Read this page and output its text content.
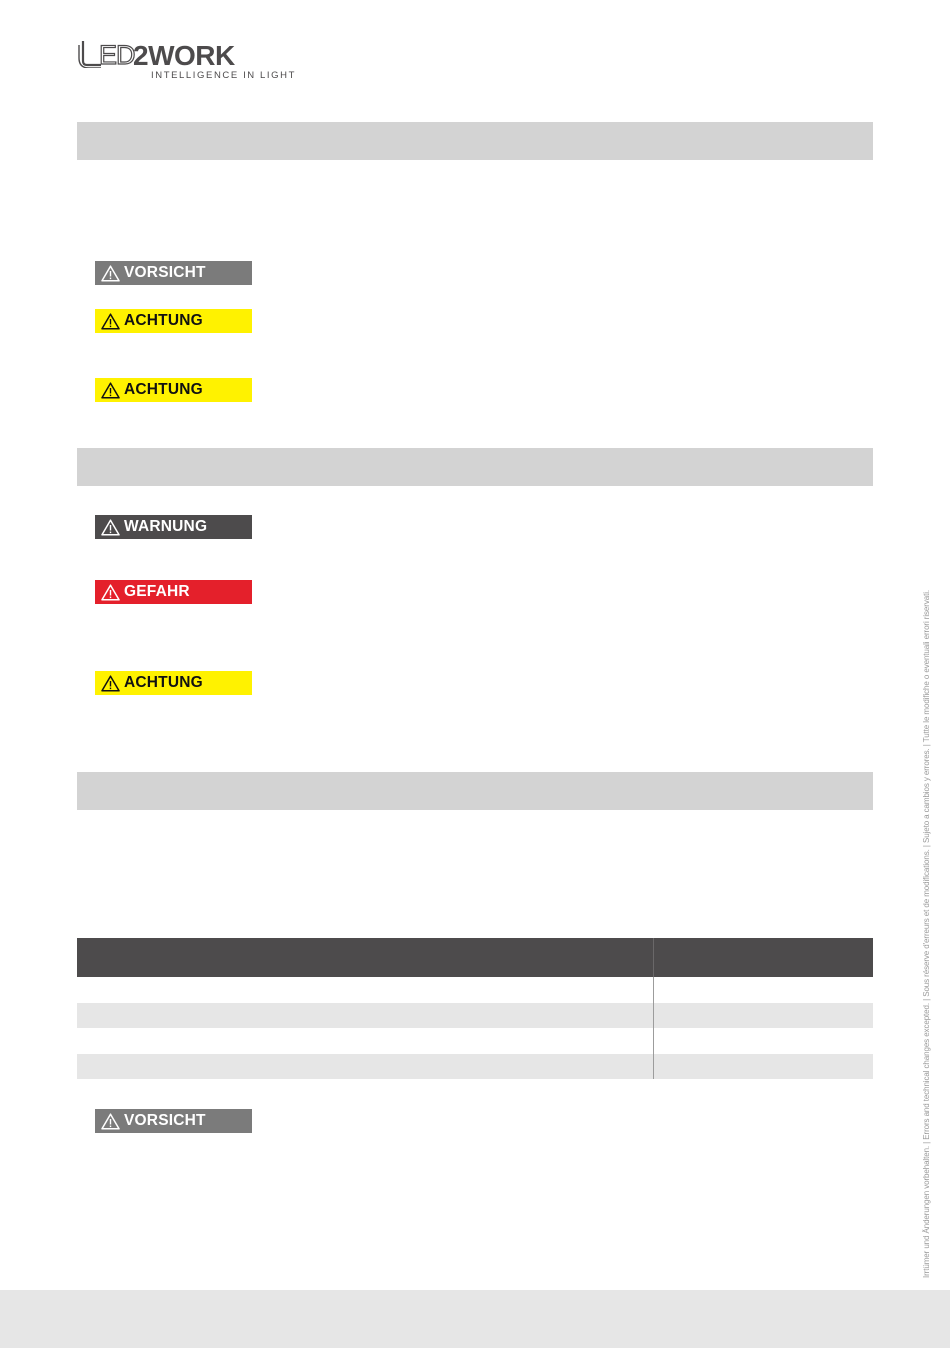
ED
2WORK
INTELLIGENCE IN LIGHT
VORSICHT
ACHTUNG
ACHTUNG
WARNUNG
GEFAHR
ACHTUNG
VORSICHT	Irrtümer und Änderungen vorbehalten. | Errors and technical changes excepted. | Sous réserve d'erreurs et de modifications. | Sujeto a cambios y errores. | Tutte le modifiche o eventuali errori riservati.
